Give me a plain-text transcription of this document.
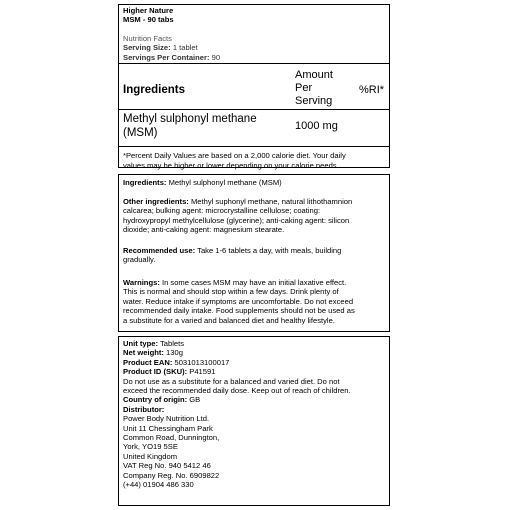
Higher Nature
MSM - 90 tabs
Nutrition Facts
Serving Size: 1 tablet
Servings Per Container: 90
Ingredients
Amount
Per
Serving
%RI*
Methyl sulphonyl methane
(MSM)
1000 mg
*Percent Daily Values are based on a 2,000 calorie diet. Your daily
values may be higher or lower depending on your calorie needs.
Ingredients: Methyl sulphonyl methane (MSM)
Other ingredients: Methyl suphonyl methane, natural lithothamnion
calcarea; bulking agent: microcrystalline cellulose; coating:
hydroxypropyl methylcellulose (glycerine); anti-caking agent: silicon
dioxide; anti-caking agent: magnesium stearate.
Recommended use: Take 1-6 tablets a day, with meals, building
gradually.
Warnings: In some cases MSM may have an initial laxative effect.
This is normal and should stop within a few days. Drink plenty of
water. Reduce intake if symptoms are uncomfortable. Do not exceed
recommended daily intake. Food supplements should not be used as
a substitute for a varied and balanced diet and healthy lifestyle.
Unit type: Tablets
Net weight: 130g
Product EAN: 5031013100017
Product ID (SKU): P41591
Do not use as a substitute for a balanced and varied diet. Do not
exceed the recommended daily dose. Keep out of reach of children.
Country of origin: GB
Distributor:
Power Body Nutrition Ltd.
Unit 11 Chessingham Park
Common Road, Dunnington,
York, YO19 5SE
United Kingdom
VAT Reg No. 940 5412 46
Company Reg. No. 6909822
(+44) 01904 486 330
